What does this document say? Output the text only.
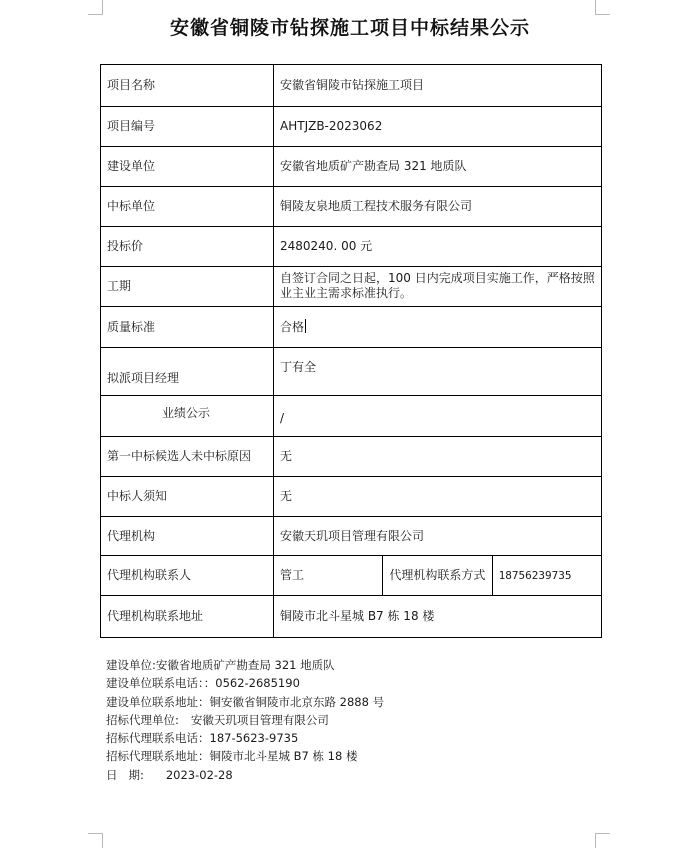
安徽省铜陵市钻探施工项目中标结果公示
项目名称	安徽省铜陵市钻探施工项目		
项目编号	AHTJZB-2023062		
建设单位	安徽省地质矿产勘查局 321 地质队		
中标单位	铜陵友泉地质工程技术服务有限公司		
投标价	2480240. 00 元		
工期	自签订合同之日起，100 日内完成项目实施工作，严格按照业主业主需求标准执行。		
质量标准	合格		
拟派项目经理	丁有全		
业绩公示	/		
第一中标候选人未中标原因	无		
中标人须知	无		
代理机构	安徽天玑项目管理有限公司		
代理机构联系人	管工	代理机构联系方式	18756239735
代理机构联系地址	铜陵市北斗星城 B7 栋 18 楼		
建设单位:安徽省地质矿产勘查局 321 地质队
建设单位联系电话：：0562-2685190
建设单位联系地址：铜安徽省铜陵市北京东路 2888 号
招标代理单位: 安徽天玑项目管理有限公司
招标代理联系电话：187-5623-9735
招标代理联系地址：铜陵市北斗星城 B7 栋 18 楼
日   期: 2023-02-28
